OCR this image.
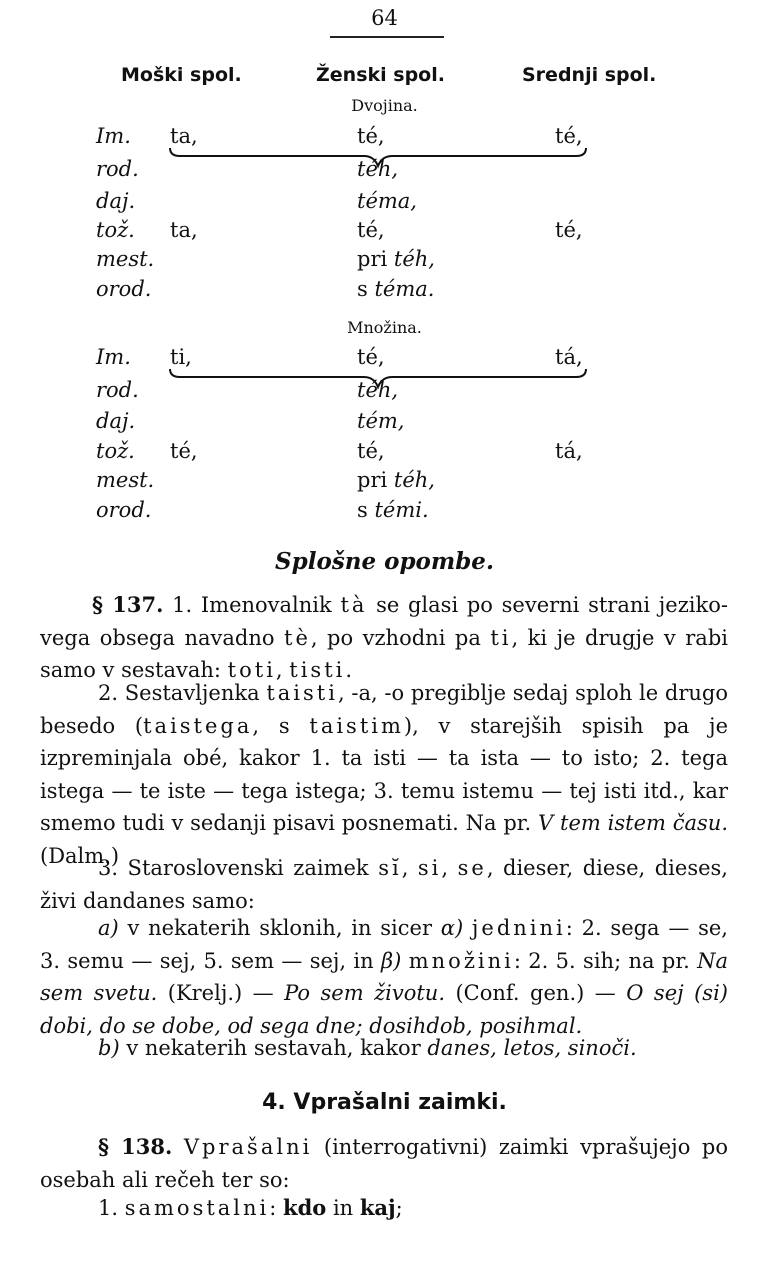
64
Moški spol.	Ženski spol.	Srednji spol.
Dvojina.
Im. ta,	té,	té,
rod.	téh,
daj.	téma,
tož. ta,	té,	té,
mest.	pri téh,
orod.	s téma.
Množina.
Im. ti,	té,	tá,
rod.	téh,
daj.	tém,
tož. té,	té,	tá,
mest.	pri téh,
orod.	s témi.
Splošne opombe.
§ 137. 1. Imenovalnik tà se glasi po severni strani jezikovega obsega navadno tè, po vzhodni pa ti, ki je drugje v rabi samo v sestavah: toti, tisti.
2. Sestavljenka taisti, -a, -o pregiblje sedaj sploh le drugo besedo (taistega, s taistim), v starejših spisih pa je izpreminjala obé, kakor 1. ta isti — ta ista — to isto; 2. tega istega — te iste — tega istega; 3. temu istemu — tej isti itd., kar smemo tudi v sedanji pisavi posnemati. Na pr. V tem istem času. (Dalm.)
3. Staroslovenski zaimek sĭ, si, se, dieser, diese, dieses, živi dandanes samo:
a) v nekaterih sklonih, in sicer α) jednini: 2. sega — se, 3. semu — sej, 5. sem — sej, in β) množini: 2. 5. sih; na pr. Na sem svetu. (Krelj.) — Po sem životu. (Conf. gen.) — O sej (si) dobi, do se dobe, od sega dne; dosihdob, posihmal.
b) v nekaterih sestavah, kakor danes, letos, sinoči.
4. Vprašalni zaimki.
§ 138. Vprašalni (interrogativni) zaimki vprašujejo po osebah ali rečeh ter so:
1. samostalni: kdo in kaj;
